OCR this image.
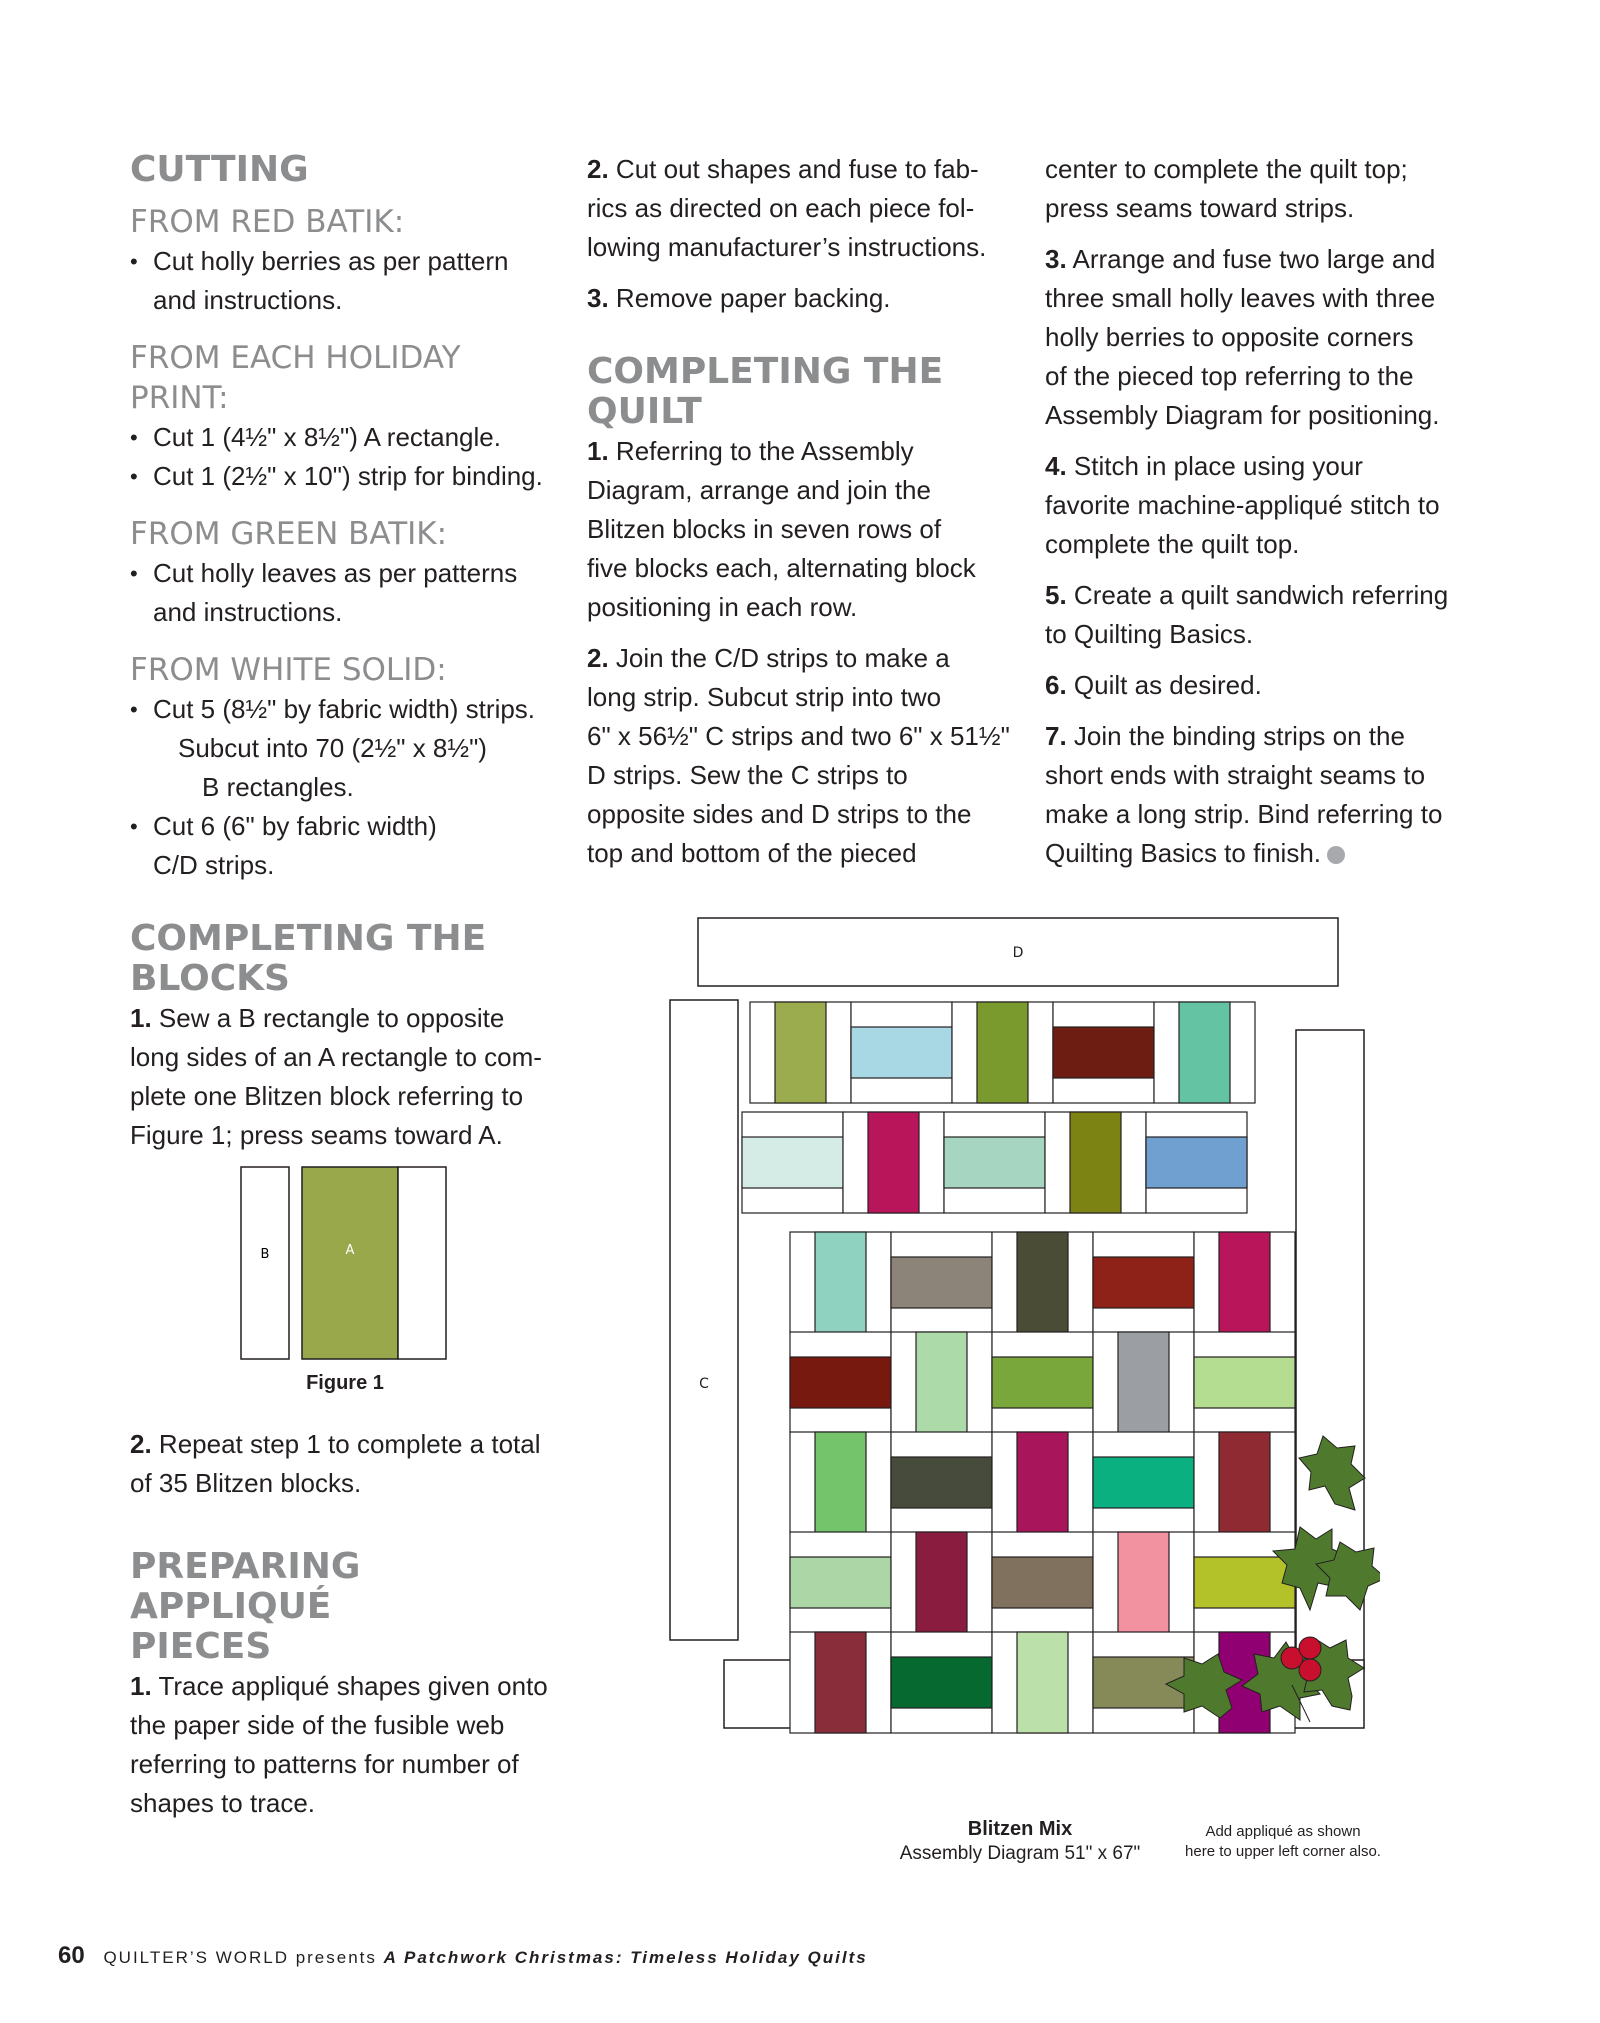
CUTTING
FROM RED BATIK:
• Cut holly berries as per pattern
and instructions.
FROM EACH HOLIDAY
PRINT:
• Cut 1 (4½" x 8½") A rectangle.
• Cut 1 (2½" x 10") strip for binding.
FROM GREEN BATIK:
• Cut holly leaves as per patterns
and instructions.
FROM WHITE SOLID:
• Cut 5 (8½" by fabric width) strips.
Subcut into 70 (2½" x 8½")
B rectangles.
• Cut 6 (6" by fabric width)
C/D strips.
COMPLETING THE
BLOCKS

1. Sew a B rectangle to opposite

long sides of an A rectangle to com-

plete one Blitzen block referring to

Figure 1; press seams toward A.

2. Repeat step 1 to complete a total

of 35 Blitzen blocks.

PREPARING APPLIQUÉ
PIECES

1. Trace appliqué shapes given onto

the paper side of the fusible web

referring to patterns for number of

shapes to trace.

B	A
Figure 1

2. Cut out shapes and fuse to fab-

rics as directed on each piece fol-

lowing manufacturer’s instructions.

3. Remove paper backing.

COMPLETING THE
QUILT

1. Referring to the Assembly

Diagram, arrange and join the

Blitzen blocks in seven rows of

five blocks each, alternating block

positioning in each row.

2. Join the C/D strips to make a

long strip. Subcut strip into two

6" x 56½" C strips and two 6" x 51½"

D strips. Sew the C strips to

opposite sides and D strips to the

top and bottom of the pieced

center to complete the quilt top;

press seams toward strips.

3. Arrange and fuse two large and

three small holly leaves with three

holly berries to opposite corners

of the pieced top referring to the

Assembly Diagram for positioning.

4. Stitch in place using your

favorite machine-appliqué stitch to

complete the quilt top.

5. Create a quilt sandwich referring

to Quilting Basics.

6. Quilt as desired.

7. Join the binding strips on the

short ends with straight seams to

make a long strip. Bind referring to

Quilting Basics to finish.

D
C
Blitzen Mix
Assembly Diagram 51" x 67"
Add appliqué as shown
here to upper left corner also.
60 QUILTER’S WORLD presents A Patchwork Christmas: Timeless Holiday Quilts
